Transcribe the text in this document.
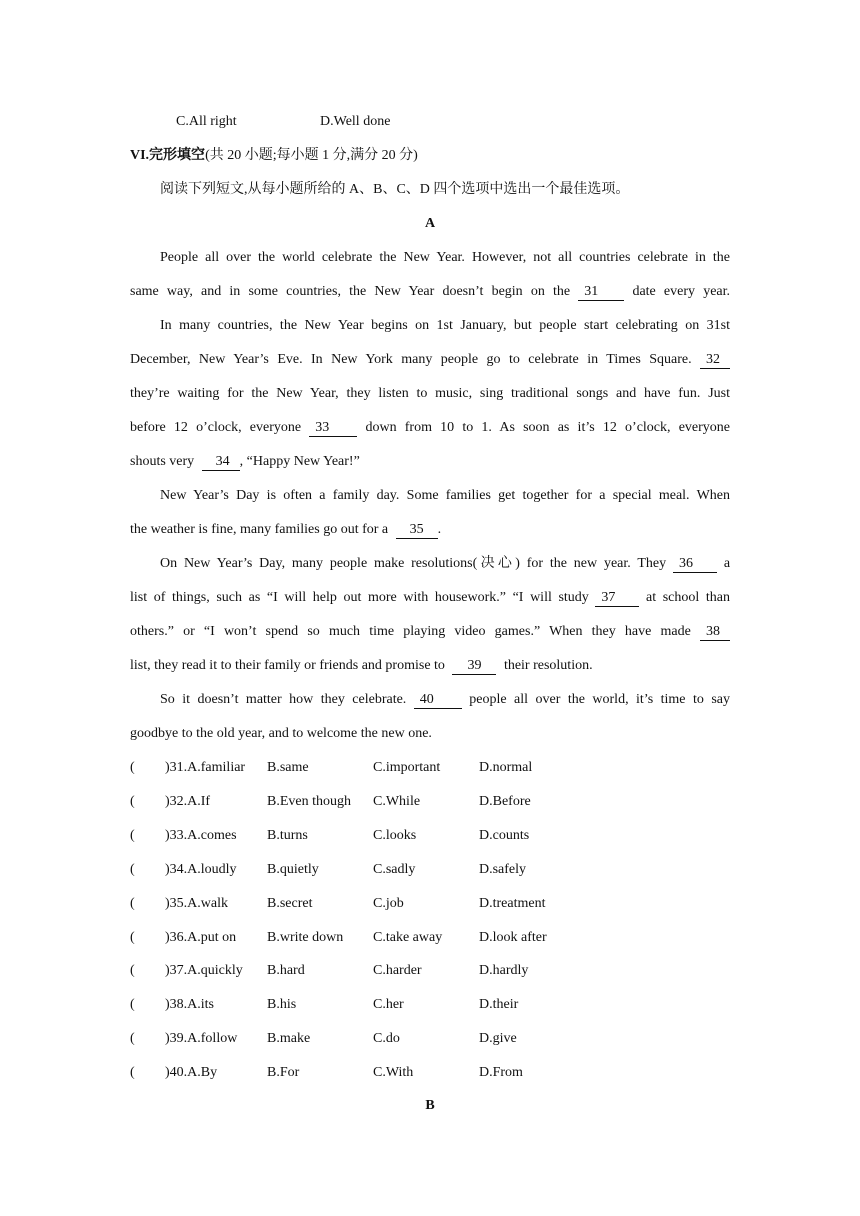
C.All right	D.Well done
VI.完形填空(共 20 小题;每小题 1 分,满分 20 分)
阅读下列短文,从每小题所给的 A、B、C、D 四个选项中选出一个最佳选项。
A
People all over the world celebrate the New Year. However, not all countries celebrate in the
same way, and in some countries, the New Year doesn’t begin on the 31 date every year.
In many countries, the New Year begins on 1st January, but people start celebrating on 31st
December, New Year’s Eve. In New York many people go to celebrate in Times Square. 32
they’re waiting for the New Year, they listen to music, sing traditional songs and have fun. Just
before 12 o’clock, everyone 33	down from 10 to 1. As soon as it’s 12 o’clock, everyone
shouts very 34 , “Happy New Year!”
New Year’s Day is often a family day. Some families get together for a special meal. When
the weather is fine, many families go out for a 35 .
On New Year’s Day, many people make resolutions(决心) for the new year. They 36 a
list of things, such as “I will help out more with housework.” “I will study 37 at school than
others.” or “I won’t spend so much time playing video games.” When they have made 38
list, they read it to their family or friends and promise to 39 their resolution.
So it doesn’t matter how they celebrate. 40	people all over the world, it’s time to say
goodbye to the old year, and to welcome the new one.
( )31.A.familiar B.same	C.important	D.normal
( )32.A.If	B.Even though C.While	D.Before
( )33.A.comes B.turns	C.looks	D.counts
( )34.A.loudly B.quietly	C.sadly	D.safely
( )35.A.walk	B.secret	C.job	D.treatment
( )36.A.put on B.write down C.take away	D.look after
( )37.A.quickly B.hard	C.harder	D.hardly
( )38.A.its	B.his	C.her	D.their
( )39.A.follow B.make	C.do	D.give
( )40.A.By	B.For	C.With	D.From
B
